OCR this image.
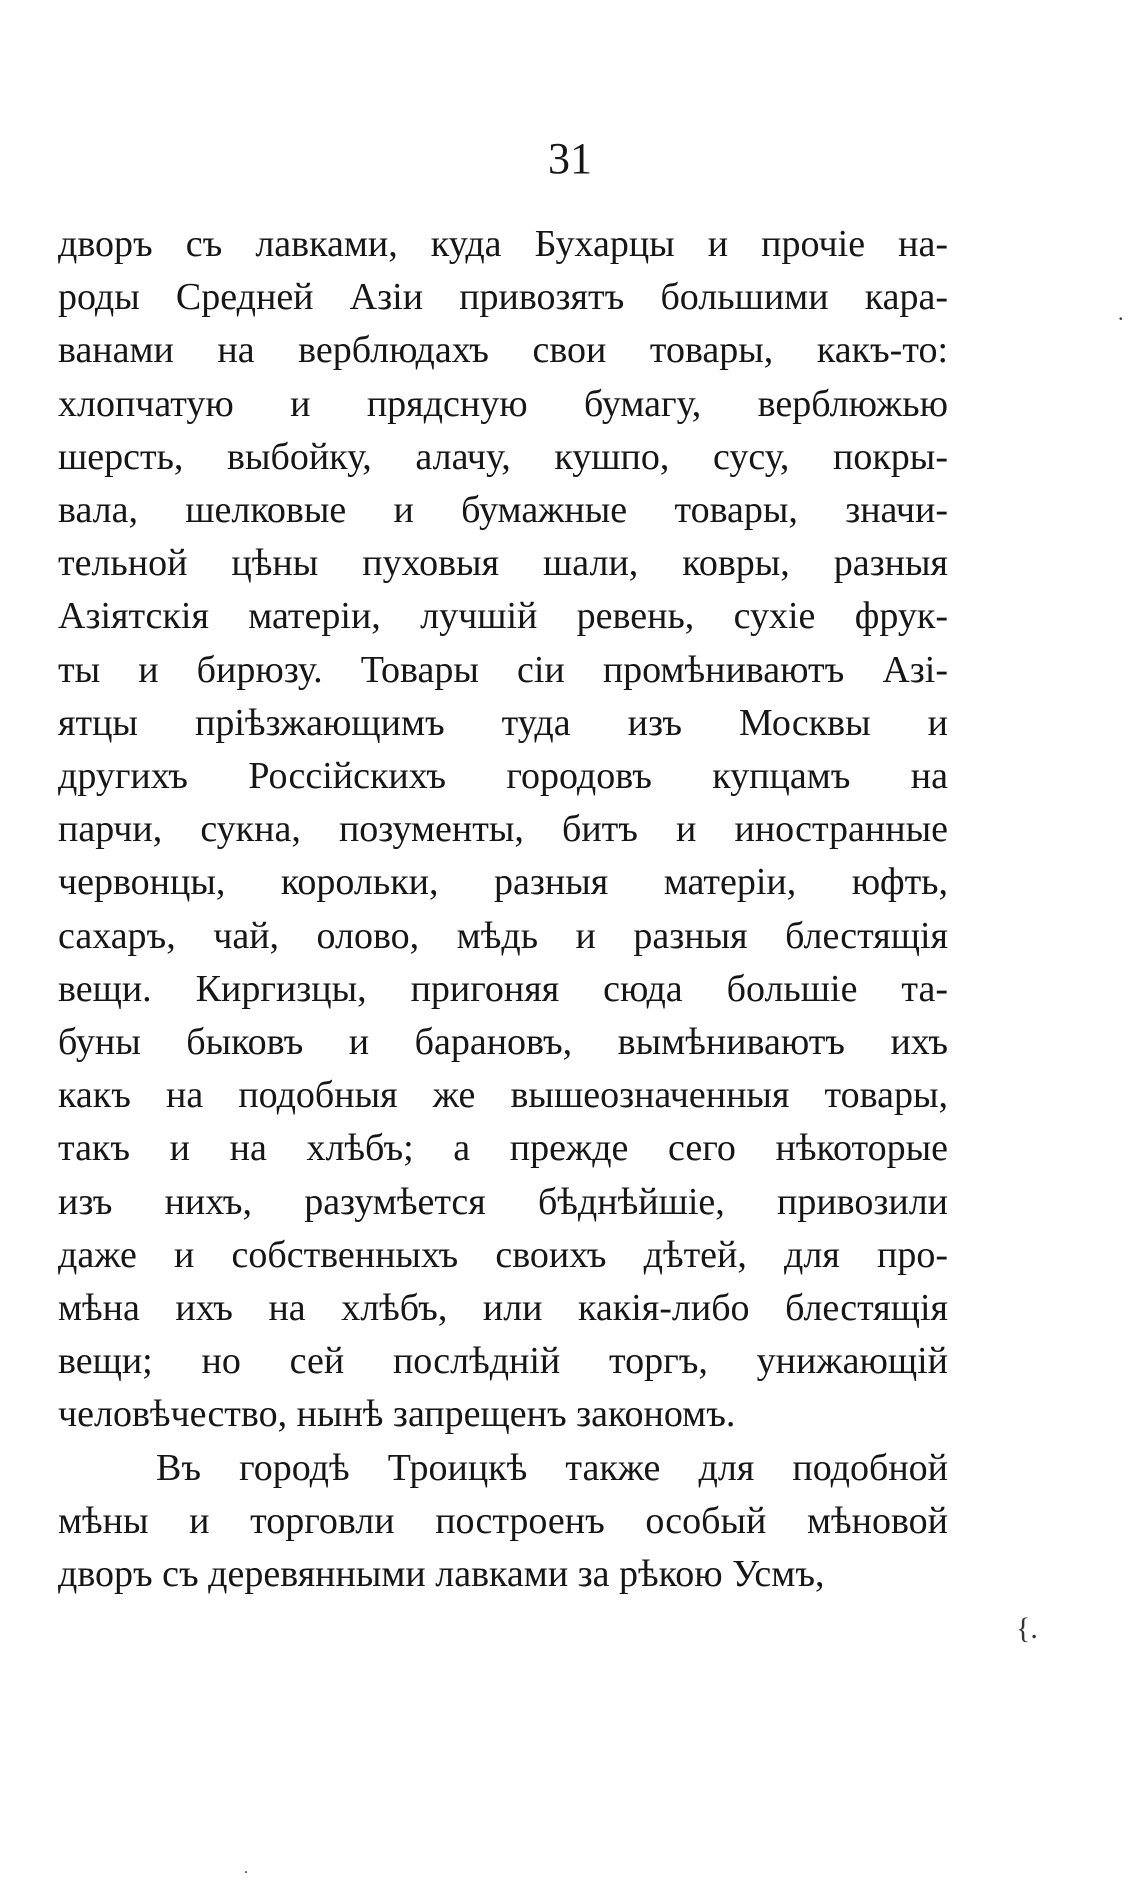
31
дворъ съ лавками, куда Бухарцы и прочіе на-
роды Средней Азіи привозятъ большими кара-
ванами на верблюдахъ свои товары, какъ-то:
хлопчатую и прядсную бумагу, верблюжью
шерсть, выбойку, алачу, кушпо, сусу, покры-
вала, шелковые и бумажные товары, значи-
тельной цѣны пуховыя шали, ковры, разныя
Азіятскія матеріи, лучшій ревень, сухіе фрук-
ты и бирюзу. Товары сіи промѣниваютъ Азі-
ятцы пріѣзжающимъ туда изъ Москвы и
другихъ Россійскихъ городовъ купцамъ на
парчи, сукна, позументы, битъ и иностранные
червонцы, корольки, разныя матеріи, юфть,
сахаръ, чай, олово, мѣдь и разныя блестящія
вещи. Киргизцы, пригоняя сюда большіе та-
буны быковъ и барановъ, вымѣниваютъ ихъ
какъ на подобныя же вышеозначенныя товары,
такъ и на хлѣбъ; а прежде сего нѣкоторые
изъ нихъ, разумѣется бѣднѣйшіе, привозили
даже и собственныхъ своихъ дѣтей, для про-
мѣна ихъ на хлѣбъ, или какія-либо блестящія
вещи; но сей послѣдній торгъ, унижающій
человѣчество, нынѣ запрещенъ закономъ.
Въ городѣ Троицкѣ также для подобной
мѣны и торговли построенъ особый мѣновой
дворъ съ деревянными лавками за рѣкою Усмъ,
.
{.
.
